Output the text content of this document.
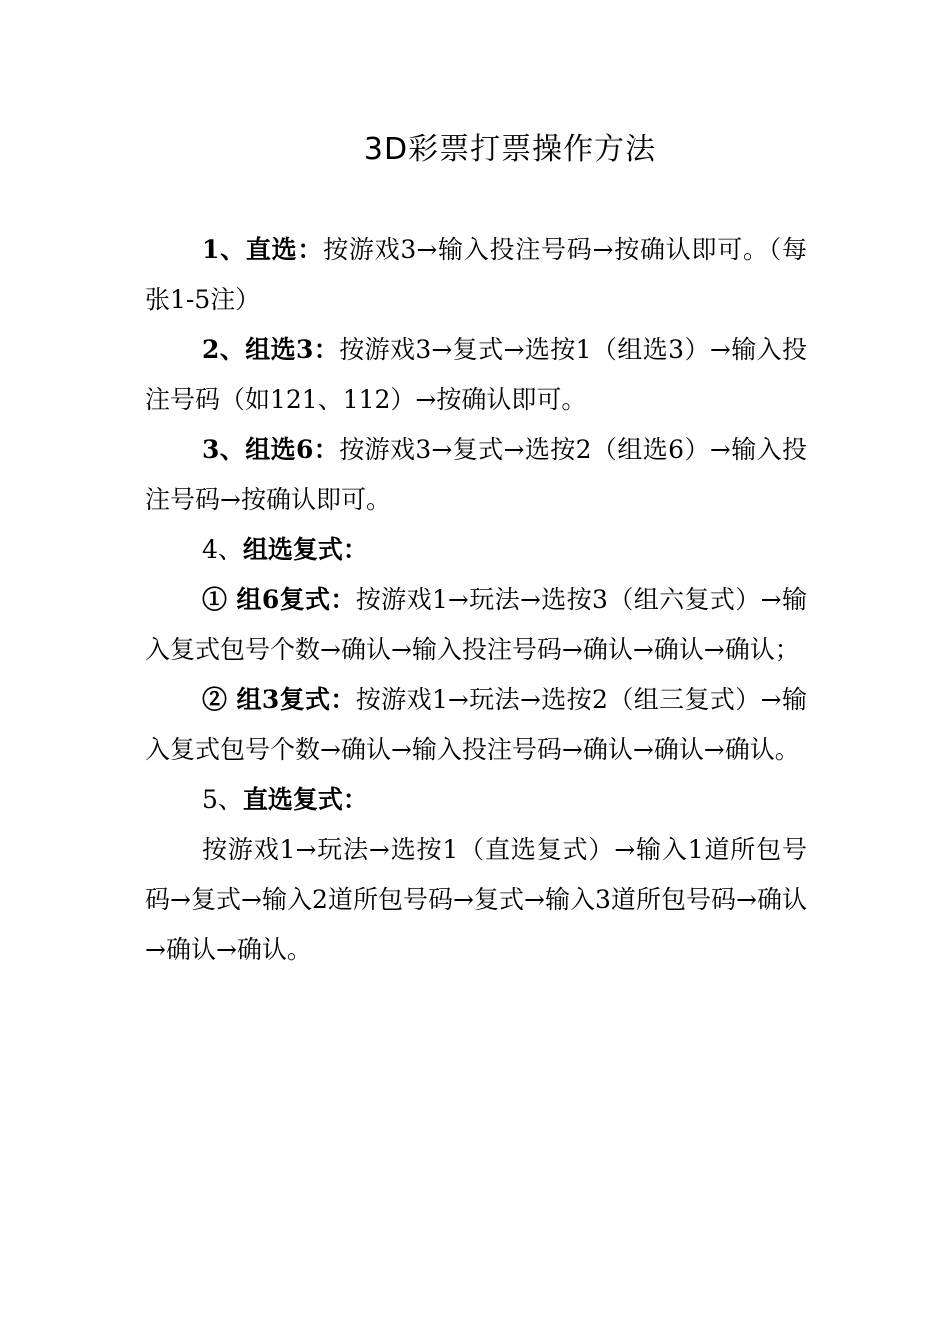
3D彩票打票操作方法

1、直选：按游戏3→输入投注号码→按确认即可。（每张1-5注）

2、组选3：按游戏3→复式→选按1（组选3）→输入投注号码（如121、112）→按确认即可。

3、组选6：按游戏3→复式→选按2（组选6）→输入投注号码→按确认即可。

4、组选复式：

① 组6复式：按游戏1→玩法→选按3（组六复式）→输入复式包号个数→确认→输入投注号码→确认→确认→确认；

② 组3复式：按游戏1→玩法→选按2（组三复式）→输入复式包号个数→确认→输入投注号码→确认→确认→确认。

5、直选复式：

按游戏1→玩法→选按1（直选复式）→输入1道所包号码→复式→输入2道所包号码→复式→输入3道所包号码→确认→确认→确认。
